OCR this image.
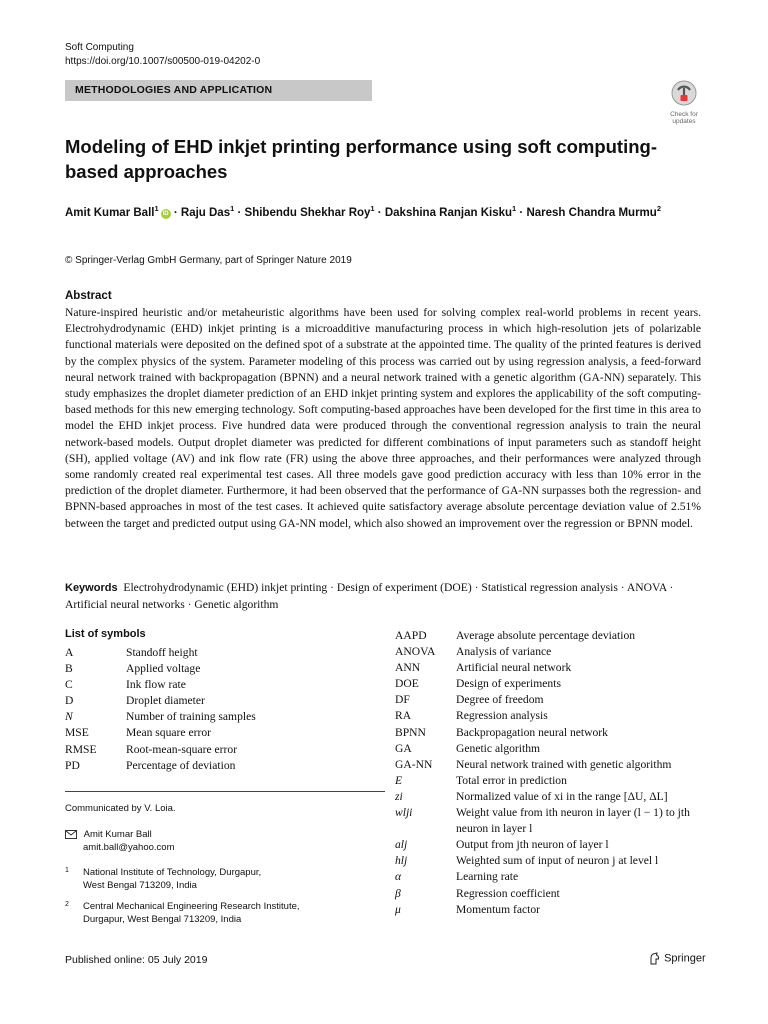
Soft Computing
https://doi.org/10.1007/s00500-019-04202-0
METHODOLOGIES AND APPLICATION
Check for
updates
Modeling of EHD inkjet printing performance using soft computing-based approaches
Amit Kumar Ball$^1$iD · Raju Das$^1$ · Shibendu Shekhar Roy$^1$ · Dakshina Ranjan Kisku$^1$ · Naresh Chandra Murmu$^2$
© Springer-Verlag GmbH Germany, part of Springer Nature 2019
Abstract
Nature-inspired heuristic and/or metaheuristic algorithms have been used for solving complex real-world problems in recent years. Electrohydrodynamic (EHD) inkjet printing is a microadditive manufacturing process in which high-resolution jets of polarizable functional materials were deposited on the defined spot of a substrate at the appointed time. The quality of the printed features is derived by the complex physics of the system. Parameter modeling of this process was carried out by using regression analysis, a feed-forward neural network trained with backpropagation (BPNN) and a neural network trained with a genetic algorithm (GA-NN) separately. This study emphasizes the droplet diameter prediction of an EHD inkjet printing system and explores the applicability of the soft computing-based methods for this new emerging technology. Soft computing-based approaches have been developed for the first time in this area to model the EHD inkjet process. Five hundred data were produced through the conventional regression analysis to train the neural network-based models. Output droplet diameter was predicted for different combinations of input parameters such as standoff height (SH), applied voltage (AV) and ink flow rate (FR) using the above three approaches, and their performances were analyzed through some randomly created real experimental test cases. All three models gave good prediction accuracy with less than 10% error in the prediction of the droplet diameter. Furthermore, it had been observed that the performance of GA-NN surpasses both the regression- and BPNN-based approaches in most of the test cases. It achieved quite satisfactory average absolute percentage deviation value of 2.51% between the target and predicted output using GA-NN model, which also showed an improvement over the regression or BPNN model.
Keywords Electrohydrodynamic (EHD) inkjet printing · Design of experiment (DOE) · Statistical regression analysis · ANOVA · Artificial neural networks · Genetic algorithm
List of symbols
A	Standoff height
B	Applied voltage
C	Ink flow rate
D	Droplet diameter
N	Number of training samples
MSE	Mean square error
RMSE	Root-mean-square error
PD	Percentage of deviation
AAPD	Average absolute percentage deviation
ANOVA	Analysis of variance
ANN	Artificial neural network
DOE	Design of experiments
DF	Degree of freedom
RA	Regression analysis
BPNN	Backpropagation neural network
GA	Genetic algorithm
GA-NN	Neural network trained with genetic algorithm
E	Total error in prediction
zi	Normalized value of xi in the range [ΔU, ΔL]
wlji	Weight value from ith neuron in layer (l − 1) to jth neuron in layer l
alj	Output from jth neuron of layer l
hlj	Weighted sum of input of neuron j at level l
α	Learning rate
β	Regression coefficient
μ	Momentum factor
Communicated by V. Loia.
Amit Kumar Ball
amit.ball@yahoo.com
1	National Institute of Technology, Durgapur,
West Bengal 713209, India
2	Central Mechanical Engineering Research Institute,
Durgapur, West Bengal 713209, India
Published online: 05 July 2019	Springer
